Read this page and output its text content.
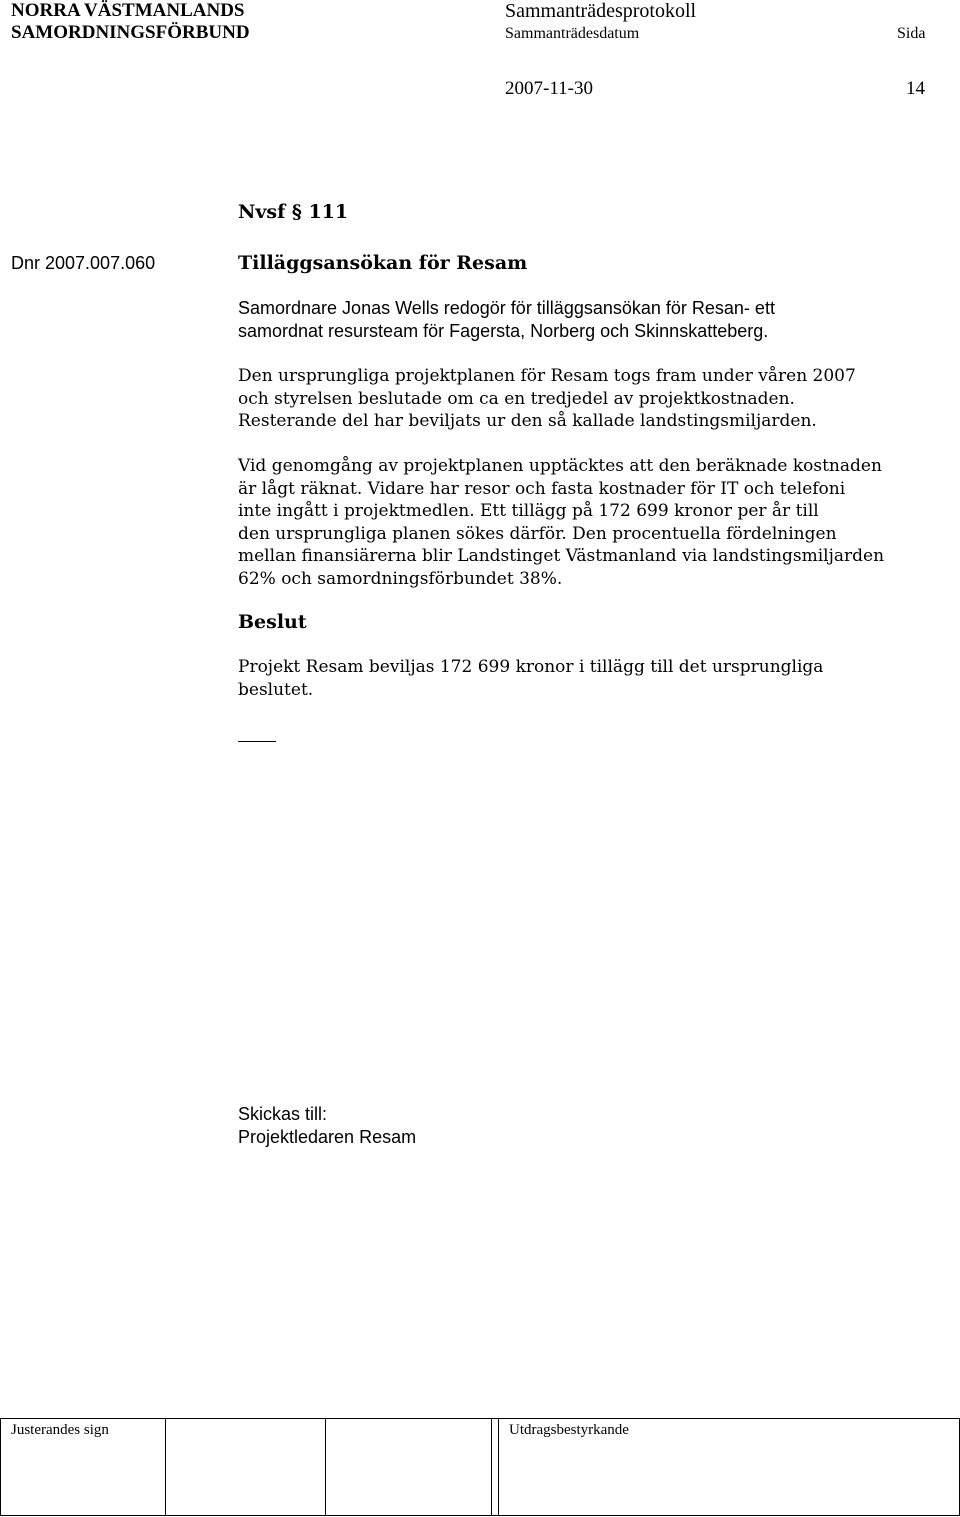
NORRA VÄSTMANLANDS
SAMORDNINGSFÖRBUND
Sammanträdesprotokoll
Sammanträdesdatum	Sida
2007-11-30	14
Nvsf § 111
Dnr 2007.007.060	Tilläggsansökan för Resam
Samordnare Jonas Wells redogör för tilläggsansökan för Resan- ett
samordnat resursteam för Fagersta, Norberg och Skinnskatteberg.
Den ursprungliga projektplanen för Resam togs fram under våren 2007
och styrelsen beslutade om ca en tredjedel av projektkostnaden.
Resterande del har beviljats ur den så kallade landstingsmiljarden.
Vid genomgång av projektplanen upptäcktes att den beräknade kostnaden
är lågt räknat. Vidare har resor och fasta kostnader för IT och telefoni
inte ingått i projektmedlen. Ett tillägg på 172 699 kronor per år till
den ursprungliga planen sökes därför. Den procentuella fördelningen
mellan finansiärerna blir Landstinget Västmanland via landstingsmiljarden
62% och samordningsförbundet 38%.
Beslut
Projekt Resam beviljas 172 699 kronor i tillägg till det ursprungliga
beslutet.
Skickas till:
Projektledaren Resam
Justerandes sign				Utdragsbestyrkande
